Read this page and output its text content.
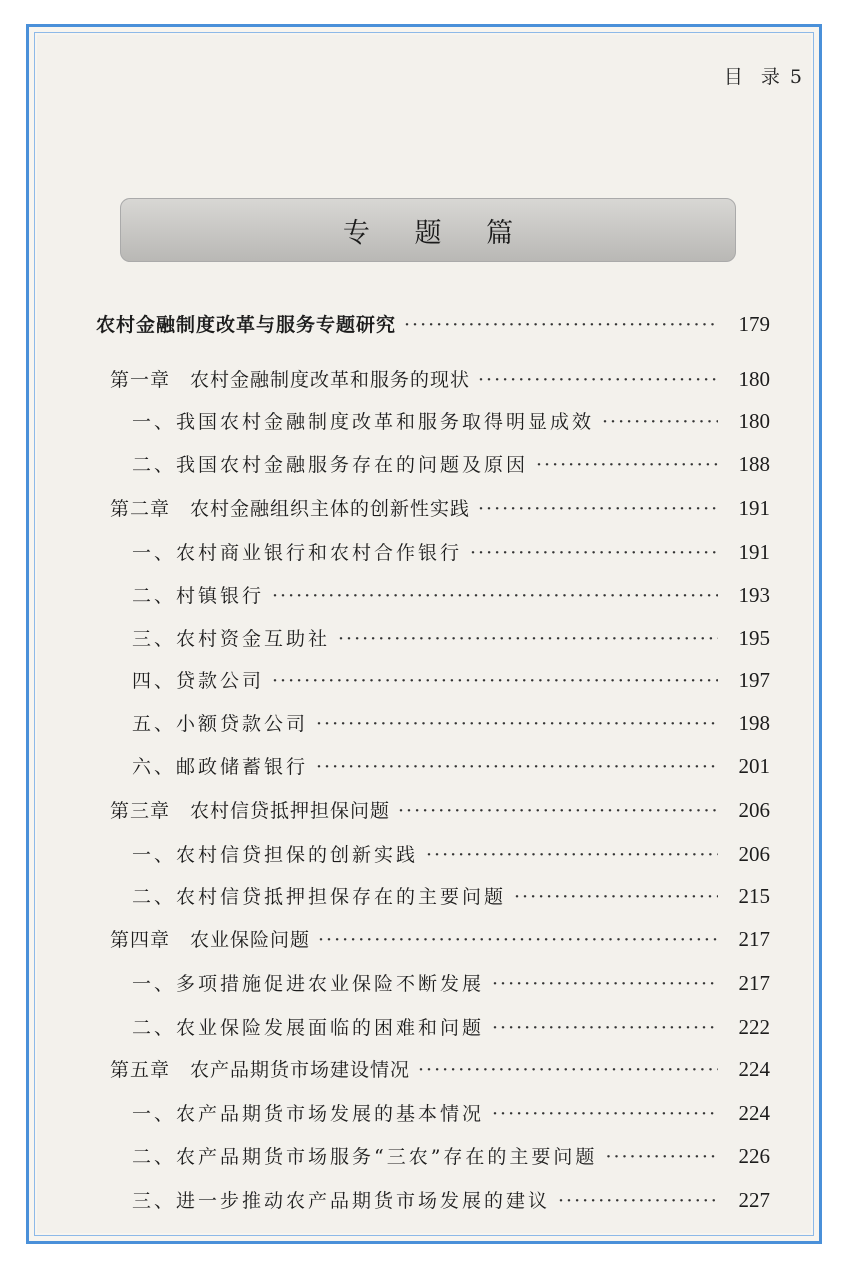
目 录 5
专 题 篇
农村金融制度改革与服务专题研究 ·····	179
第一章　农村金融制度改革和服务的现状 ·····	180
一、我国农村金融制度改革和服务取得明显成效 ·····	180
二、我国农村金融服务存在的问题及原因 ·····	188
第二章　农村金融组织主体的创新性实践 ·····	191
一、农村商业银行和农村合作银行 ·····	191
二、村镇银行 ·····	193
三、农村资金互助社 ·····	195
四、贷款公司 ·····	197
五、小额贷款公司 ·····	198
六、邮政储蓄银行 ·····	201
第三章　农村信贷抵押担保问题 ·····	206
一、农村信贷担保的创新实践 ·····	206
二、农村信贷抵押担保存在的主要问题 ·····	215
第四章　农业保险问题 ·····	217
一、多项措施促进农业保险不断发展 ·····	217
二、农业保险发展面临的困难和问题 ·····	222
第五章　农产品期货市场建设情况 ·····	224
一、农产品期货市场发展的基本情况 ·····	224
二、农产品期货市场服务“三农”存在的主要问题 ·····	226
三、进一步推动农产品期货市场发展的建议 ·····	227
